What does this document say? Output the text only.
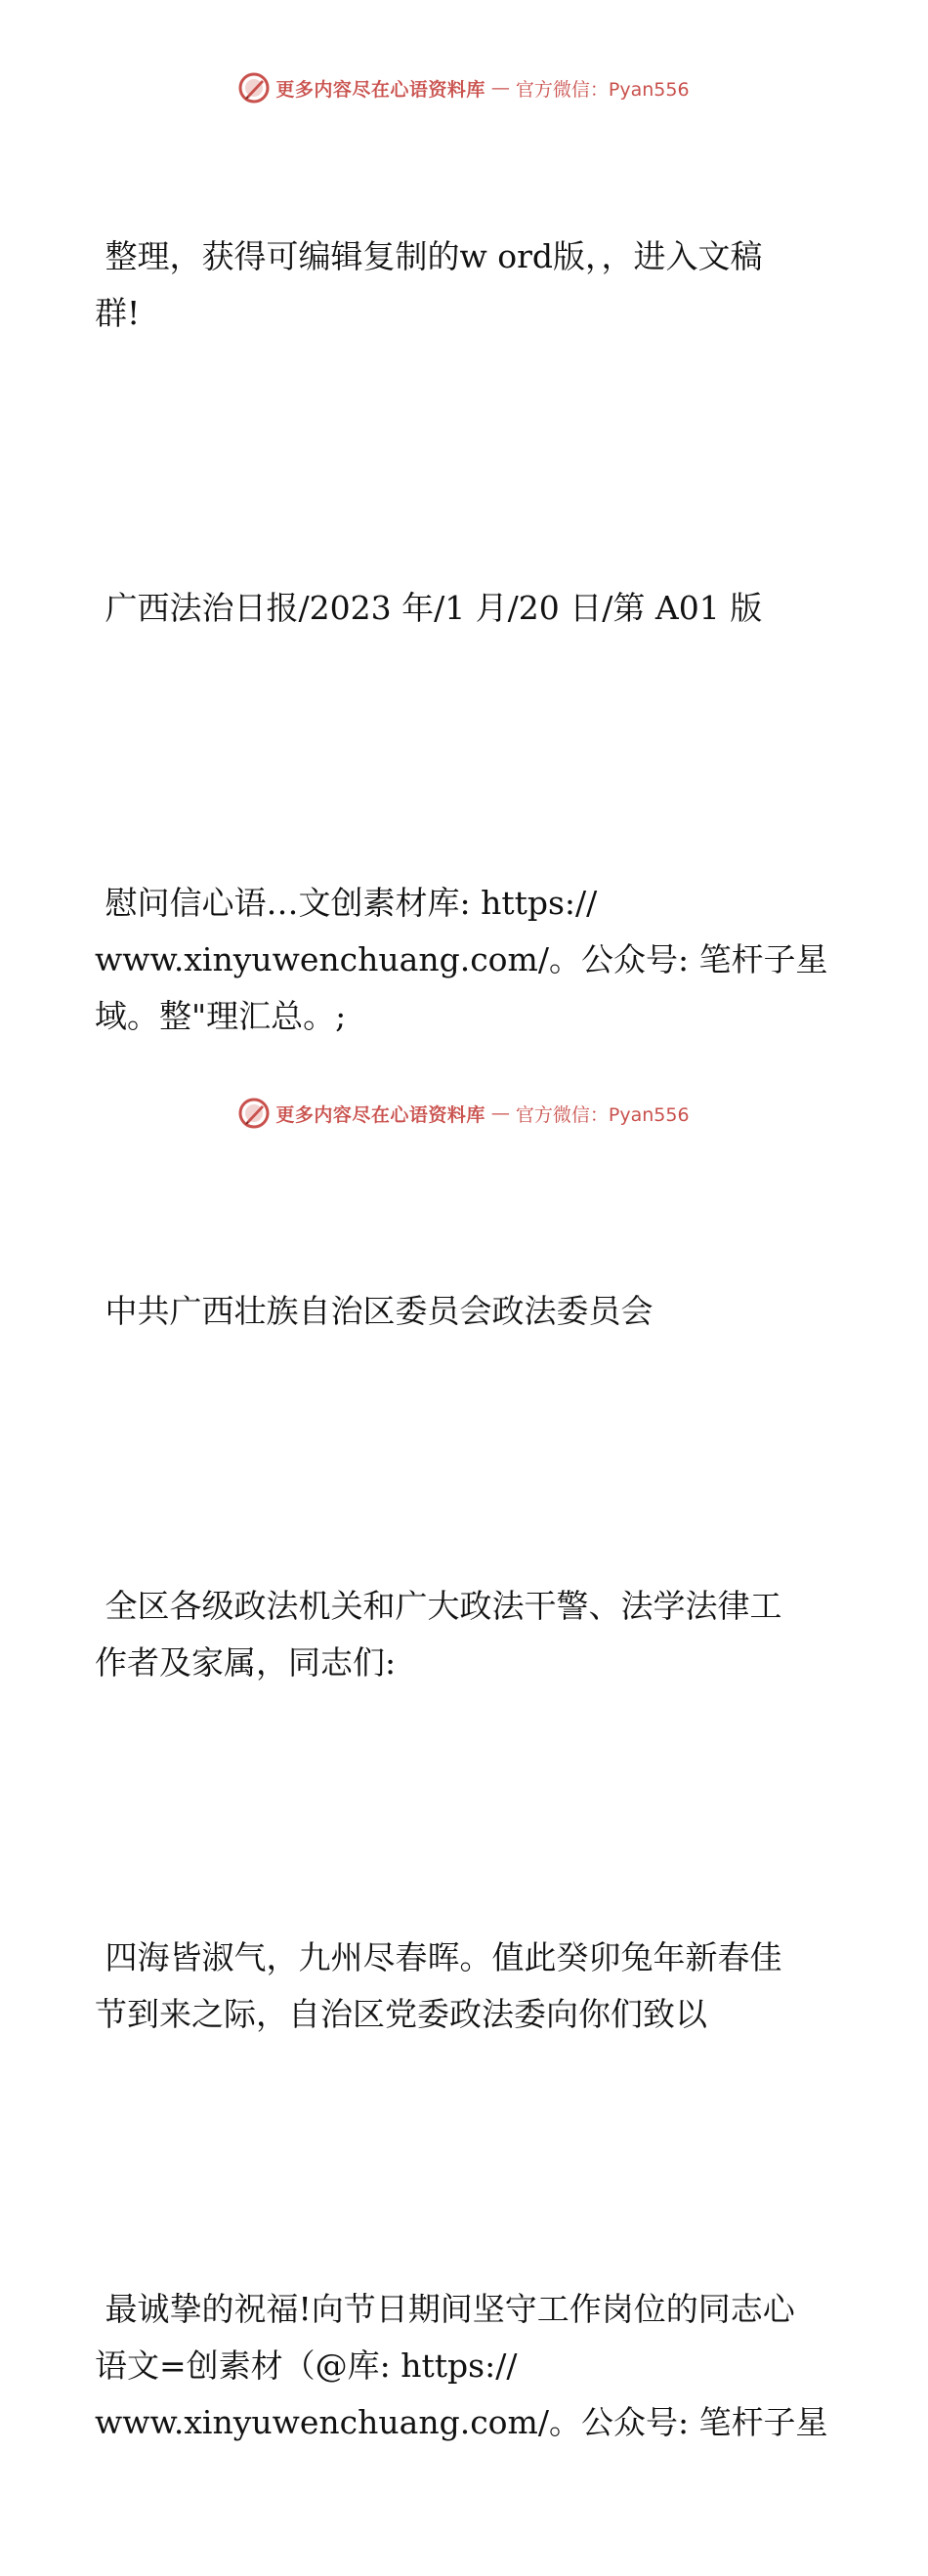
更多内容尽在心语资料库 — 官方微信：Pyan556

整理，获得可编辑复制的w ord版，，进入文稿
群!

广西法治日报/2023 年/1 月/20 日/第 A01 版

慰问信心语…文创素材库: https://
www.xinyuwenchuang.com/。公众号: 笔杆子星
域。整"理汇总。;

中共广西壮族自治区委员会政法委员会

全区各级政法机关和广大政法干警、法学法律工
作者及家属，同志们:

四海皆淑气，九州尽春晖。值此癸卯兔年新春佳
节到来之际，自治区党委政法委向你们致以

最诚挚的祝福!向节日期间坚守工作岗位的同志心
语文=创素材（@库: https://
www.xinyuwenchuang.com/。公众号: 笔杆子星

更多内容尽在心语资料库 — 官方微信：Pyan556
